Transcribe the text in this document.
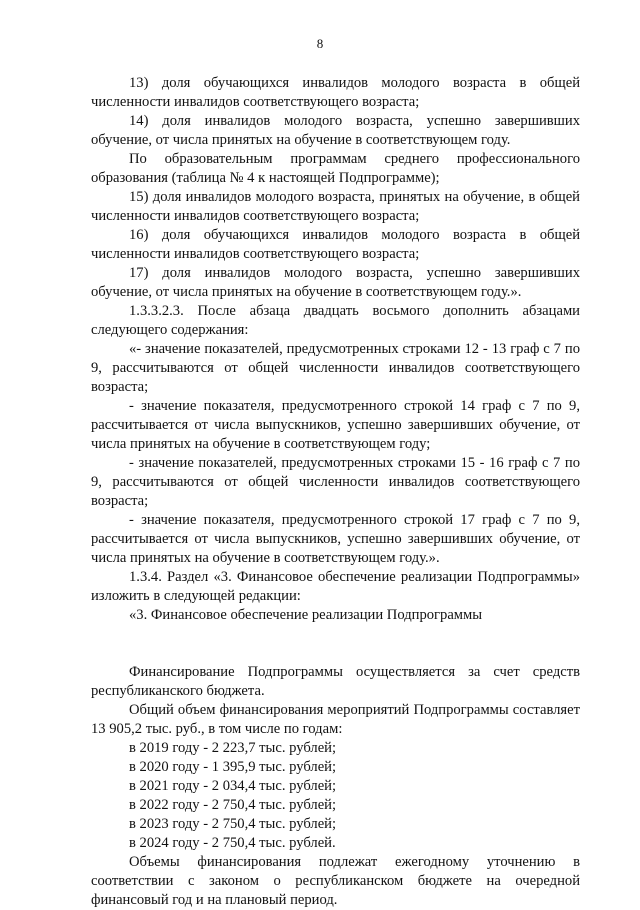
8

13) доля обучающихся инвалидов молодого возраста в общей численности инвалидов соответствующего возраста;

14) доля инвалидов молодого возраста, успешно завершивших обучение, от числа принятых на обучение в соответствующем году.

По образовательным программам среднего профессионального образования (таблица № 4 к настоящей Подпрограмме);

15) доля инвалидов молодого возраста, принятых на обучение, в общей численности инвалидов соответствующего возраста;

16) доля обучающихся инвалидов молодого возраста в общей численности инвалидов соответствующего возраста;

17) доля инвалидов молодого возраста, успешно завершивших обучение, от числа принятых на обучение в соответствующем году.».

1.3.3.2.3. После абзаца двадцать восьмого дополнить абзацами следующего содержания:

«- значение показателей, предусмотренных строками 12 - 13 граф с 7 по 9, рассчитываются от общей численности инвалидов соответствующего возраста;

- значение показателя, предусмотренного строкой 14 граф с 7 по 9, рассчитывается от числа выпускников, успешно завершивших обучение, от числа принятых на обучение в соответствующем году;

- значение показателей, предусмотренных строками 15 - 16 граф с 7 по 9, рассчитываются от общей численности инвалидов соответствующего возраста;

- значение показателя, предусмотренного строкой 17 граф с 7 по 9, рассчитывается от числа выпускников, успешно завершивших обучение, от числа принятых на обучение в соответствующем году.».

1.3.4. Раздел «3. Финансовое обеспечение реализации Подпрограммы» изложить в следующей редакции:

«3. Финансовое обеспечение реализации Подпрограммы

Финансирование Подпрограммы осуществляется за счет средств республиканского бюджета.

Общий объем финансирования мероприятий Подпрограммы составляет 13 905,2 тыс. руб., в том числе по годам:

в 2019 году - 2 223,7 тыс. рублей;

в 2020 году - 1 395,9 тыс. рублей;

в 2021 году - 2 034,4 тыс. рублей;

в 2022 году - 2 750,4 тыс. рублей;

в 2023 году - 2 750,4 тыс. рублей;

в 2024 году - 2 750,4 тыс. рублей.

Объемы финансирования подлежат ежегодному уточнению в соответствии с законом о республиканском бюджете на очередной финансовый год и на плановый период.
